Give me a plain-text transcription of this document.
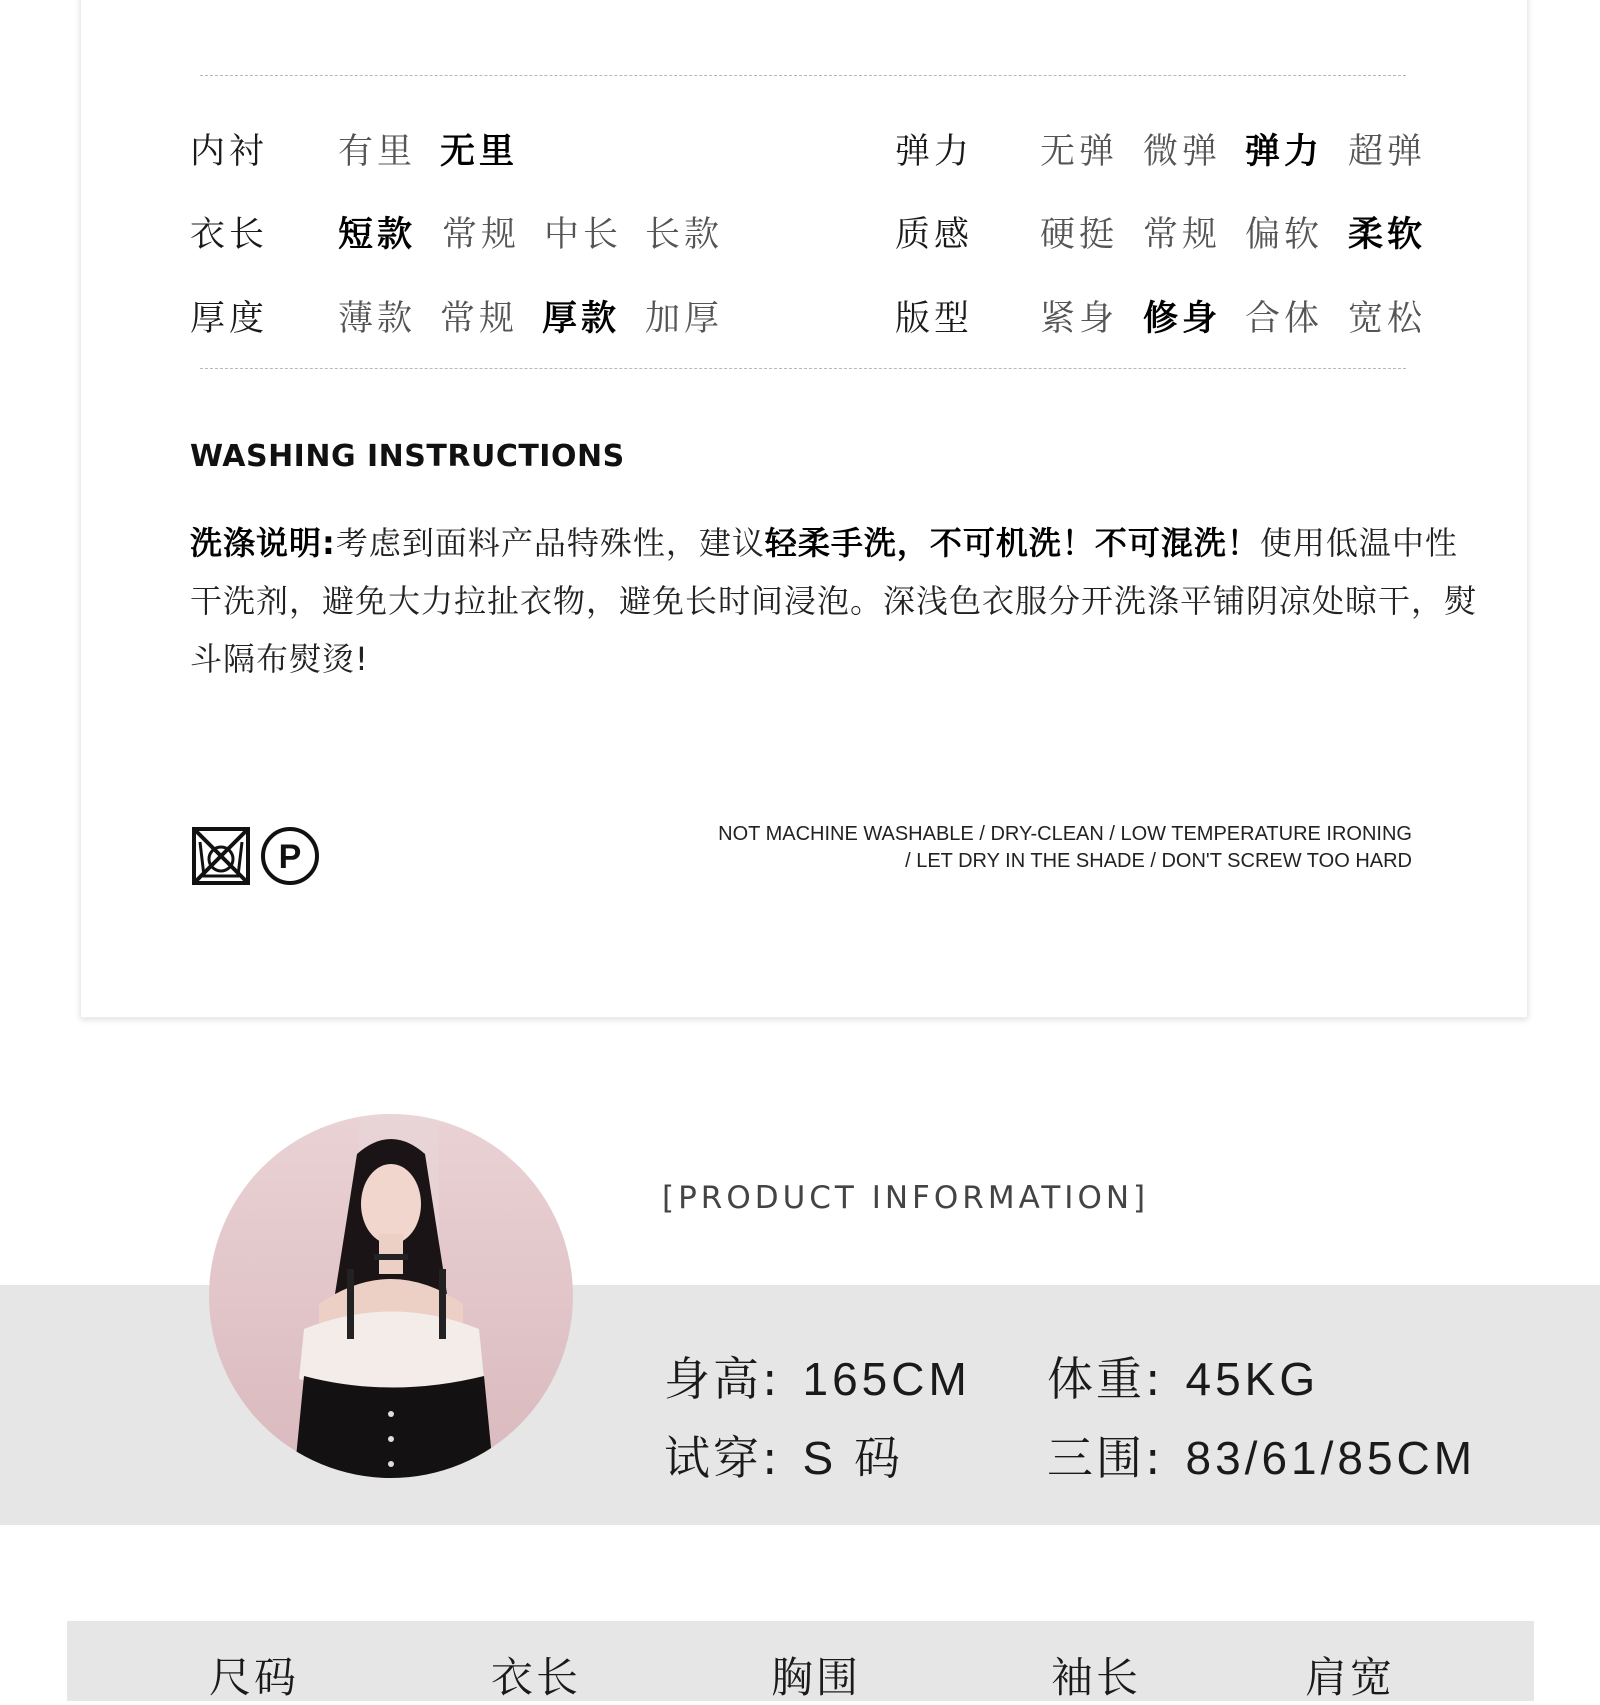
内衬 有里 无里
衣长 短款 常规 中长 长款
厚度 薄款 常规 厚款 加厚
弹力 无弹 微弹 弹力 超弹
质感 硬挺 常规 偏软 柔软
版型 紧身 修身 合体 宽松
WASHING INSTRUCTIONS
洗涤说明:考虑到面料产品特殊性，建议轻柔手洗，不可机洗！不可混洗！使用低温中性干洗剂，避免大力拉扯衣物，避免长时间浸泡。深浅色衣服分开洗涤平铺阴凉处晾干，熨斗隔布熨烫!
P
NOT MACHINE WASHABLE / DRY-CLEAN / LOW TEMPERATURE IRONING
/ LET DRY IN THE SHADE / DON'T SCREW TOO HARD
[PRODUCT INFORMATION]
身高: 165CM 体重: 45KG
试穿: S 码	三围: 83/61/85CM
尺码	衣长	胸围	袖长	肩宽
